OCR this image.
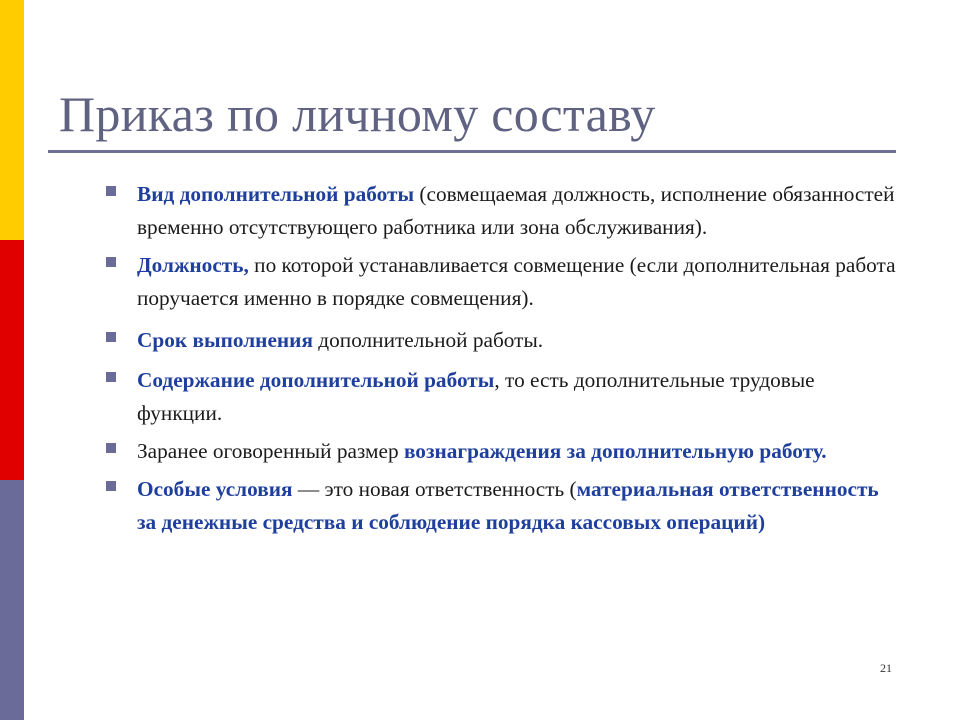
Приказ по личному составу
Вид дополнительной работы (совмещаемая должность, исполнение обязанностей временно отсутствующего работника или зона обслуживания).
Должность, по которой устанавливается совмещение (если дополнительная работа поручается именно в порядке совмещения).
Срок выполнения дополнительной работы.
Содержание дополнительной работы, то есть дополнительные трудовые функции.
Заранее оговоренный размер вознаграждения за дополнительную работу.
Особые условия — это новая ответственность (материальная ответственность за денежные средства и соблюдение порядка кассовых операций)
21
